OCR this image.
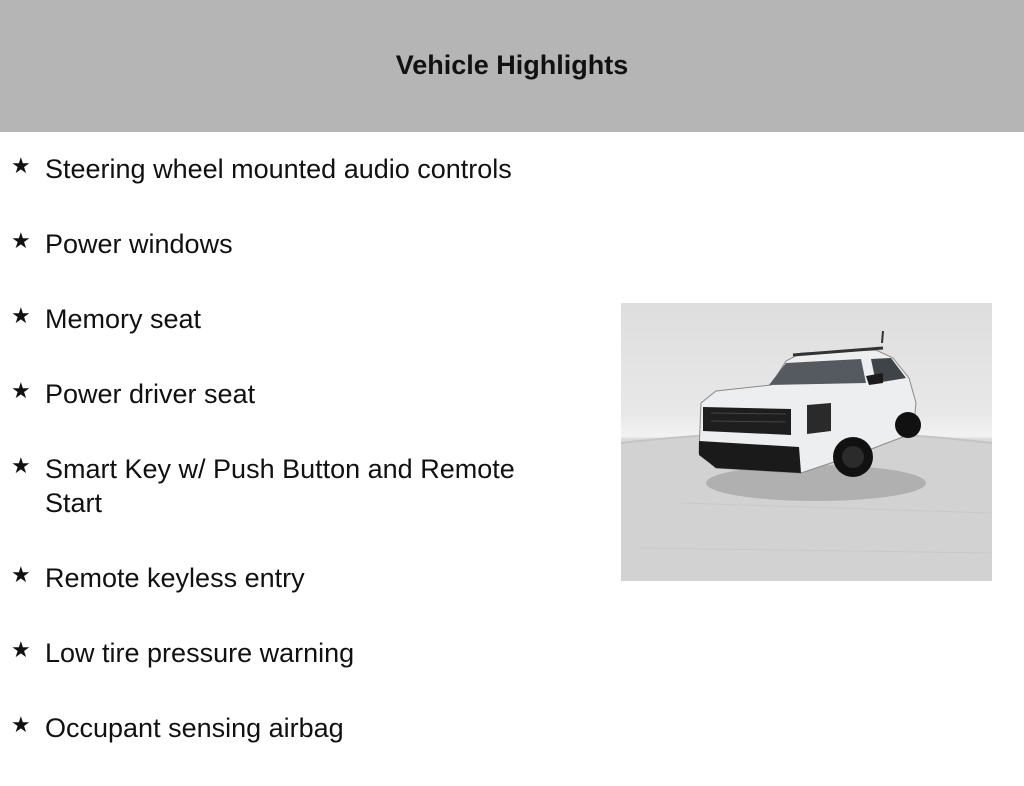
Vehicle Highlights
★ Steering wheel mounted audio controls
★ Power windows
★ Memory seat
★ Power driver seat
★ Smart Key w/ Push Button and Remote Start
★ Remote keyless entry
★ Low tire pressure warning
★ Occupant sensing airbag
